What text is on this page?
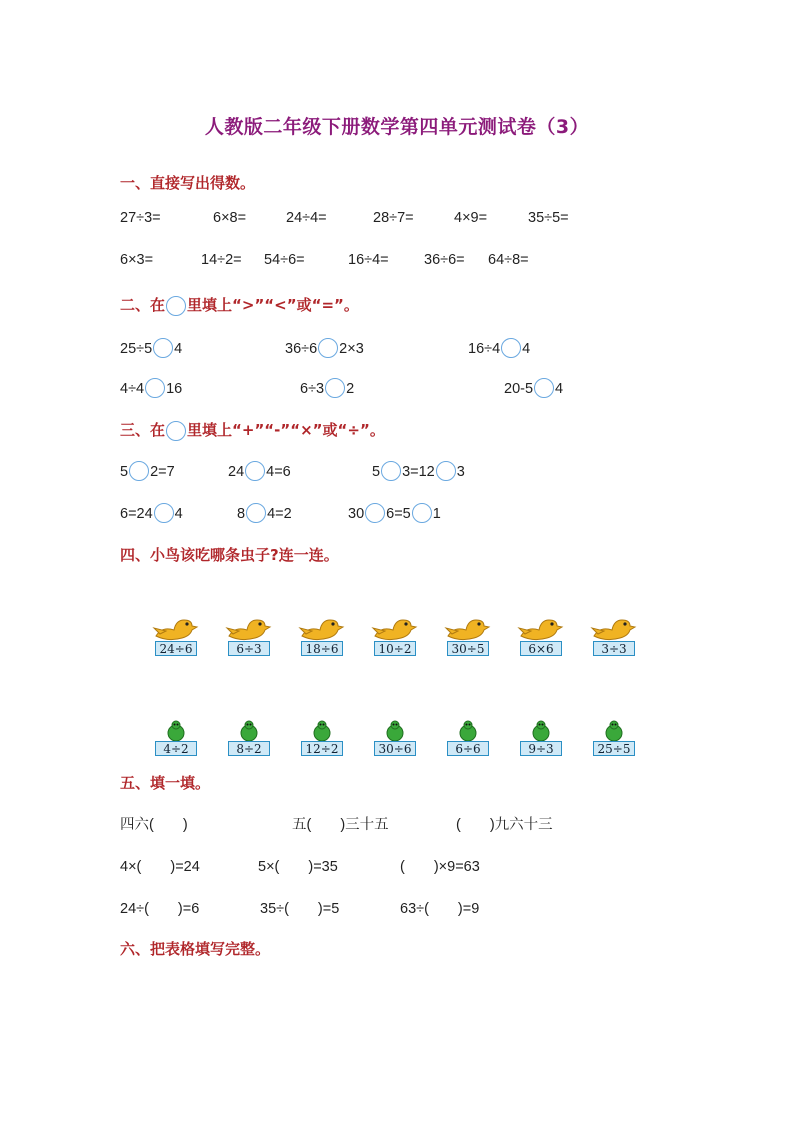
人教版二年级下册数学第四单元测试卷（3）
一、直接写出得数。
27÷3=	6×8=	24÷4=	28÷7=	4×9=	35÷5=
6×3=	14÷2= 54÷6=	16÷4= 36÷6= 64÷8=
二、在 里填上“>”“<”或“=”。
25÷5 4	36÷6 2×3	16÷4 4
4÷4 16	6÷3 2	20-5 4
三、在 里填上“+”“-”“×”或“÷”。
5 2=7	24 4=6	5 3=12 3
6=24 4	8 4=2	30 6=5 1
四、小鸟该吃哪条虫子?连一连。
24÷6	6÷3	18÷6	10÷2	30÷5	6×6	3÷3
4÷2	8÷2	12÷2	30÷6	6÷6	9÷3	25÷5
五、填一填。
四六(　　)	五(　　)三十五	(　　)九六十三
4×(　　)=24	5×(　　)=35	(　　)×9=63
24÷(　　)=6	35÷(　　)=5	63÷(　　)=9
六、把表格填写完整。
